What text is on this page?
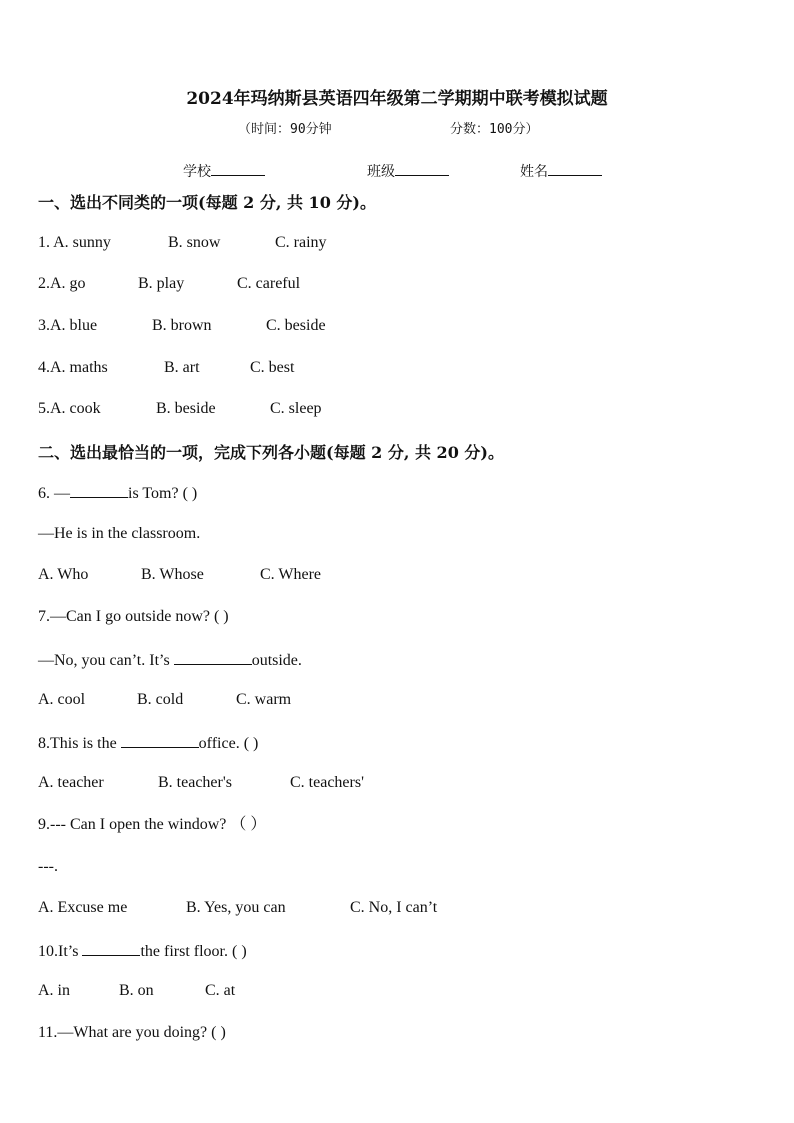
2024年玛纳斯县英语四年级第二学期期中联考模拟试题
（时间：90分钟	分数：100分）
学校	班级	姓名
一、选出不同类的一项(每题 2 分, 共 10 分)。
1. A. sunny	B. snow	C. rainy
2.A. go	B. play	C. careful
3.A. blue	B. brown	C. beside
4.A. maths	B. art	C. best
5.A. cook	B. beside	C. sleep
二、选出最恰当的一项，完成下列各小题(每题 2 分, 共 20 分)。
6. —	is Tom? ( )
—He is in the classroom.
A. Who	B. Whose	C. Where
7.—Can I go outside now? ( )
—No, you can’t. It’s	outside.
A. cool	B. cold	C. warm
8.This is the	office. ( )
A. teacher	B. teacher's	C. teachers'
9.--- Can I open the window? （ ）
---.
A. Excuse me	B. Yes, you can	C. No, I can’t
10.It’s	the first floor. ( )
A. in	B. on	C. at
11.—What are you doing? ( )
